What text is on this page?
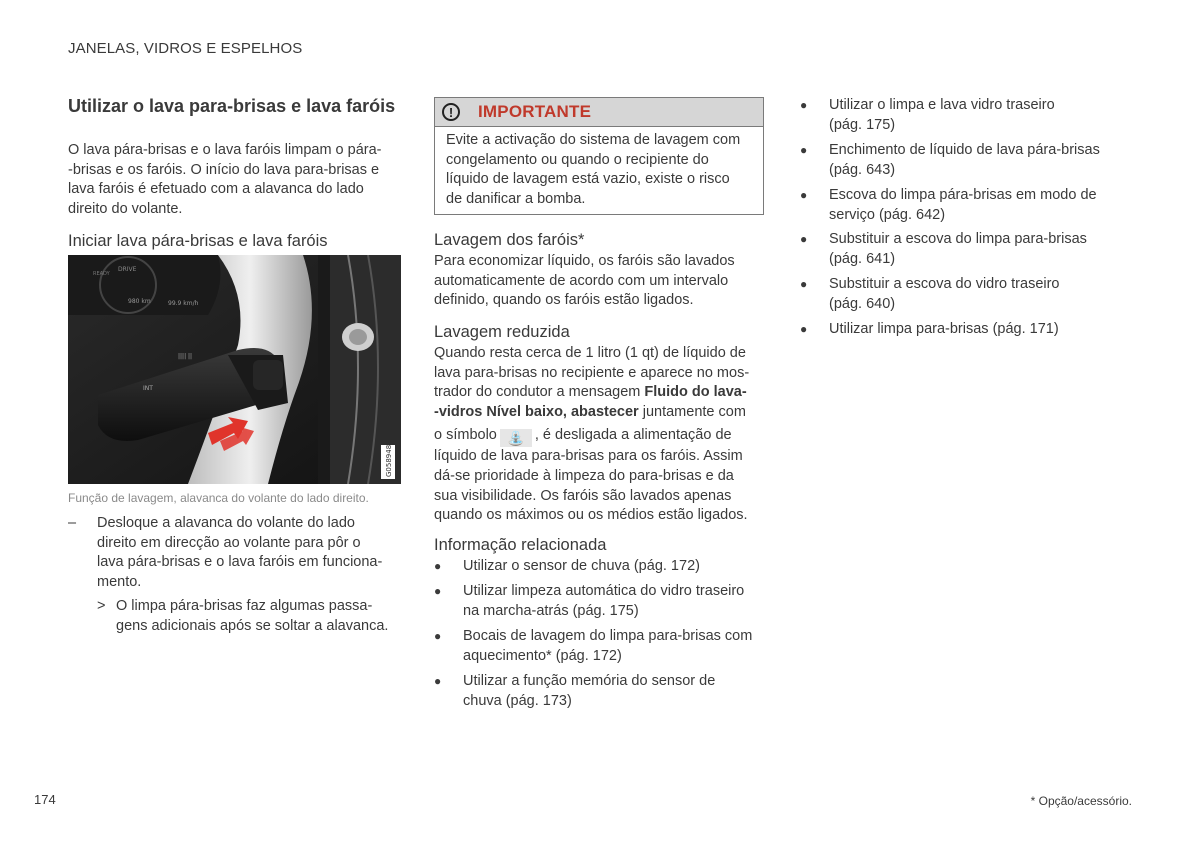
JANELAS, VIDROS E ESPELHOS
Utilizar o lava para-brisas e lava faróis
O lava pára-brisas e o lava faróis limpam o pára-
-brisas e os faróis. O início do lava para-brisas e
lava faróis é efetuado com a alavanca do lado
direito do volante.
Iniciar lava pára-brisas e lava faróis
DRIVE
READY
980 km	99.9 km/h
INT
|||| ||
G058948
Função de lavagem, alavanca do volante do lado direito.
– Desloque a alavanca do volante do lado
direito em direcção ao volante para pôr o
lava pára-brisas e o lava faróis em funciona-
mento.
> O limpa pára-brisas faz algumas passa-
gens adicionais após se soltar a alavanca.
!	IMPORTANTE
Evite a activação do sistema de lavagem com
congelamento ou quando o recipiente do
líquido de lavagem está vazio, existe o risco
de danificar a bomba.
Lavagem dos faróis*
Para economizar líquido, os faróis são lavados
automaticamente de acordo com um intervalo
definido, quando os faróis estão ligados.
Lavagem reduzida
Quando resta cerca de 1 litro (1 qt) de líquido de
lava para-brisas no recipiente e aparece no mos-
trador do condutor a mensagem Fluido do lava-
-vidros Nível baixo, abastecer juntamente com
o símbolo ⛲ , é desligada a alimentação de
líquido de lava para-brisas para os faróis. Assim
dá-se prioridade à limpeza do para-brisas e da
sua visibilidade. Os faróis são lavados apenas
quando os máximos ou os médios estão ligados.
Informação relacionada
● Utilizar o sensor de chuva (pág. 172)
● Utilizar limpeza automática do vidro traseiro
na marcha-atrás (pág. 175)
● Bocais de lavagem do limpa para-brisas com
aquecimento* (pág. 172)
● Utilizar a função memória do sensor de
chuva (pág. 173)
● Utilizar o limpa e lava vidro traseiro
(pág. 175)
● Enchimento de líquido de lava pára-brisas
(pág. 643)
● Escova do limpa pára-brisas em modo de
serviço (pág. 642)
● Substituir a escova do limpa para-brisas
(pág. 641)
● Substituir a escova do vidro traseiro
(pág. 640)
● Utilizar limpa para-brisas (pág. 171)
174	* Opção/acessório.
